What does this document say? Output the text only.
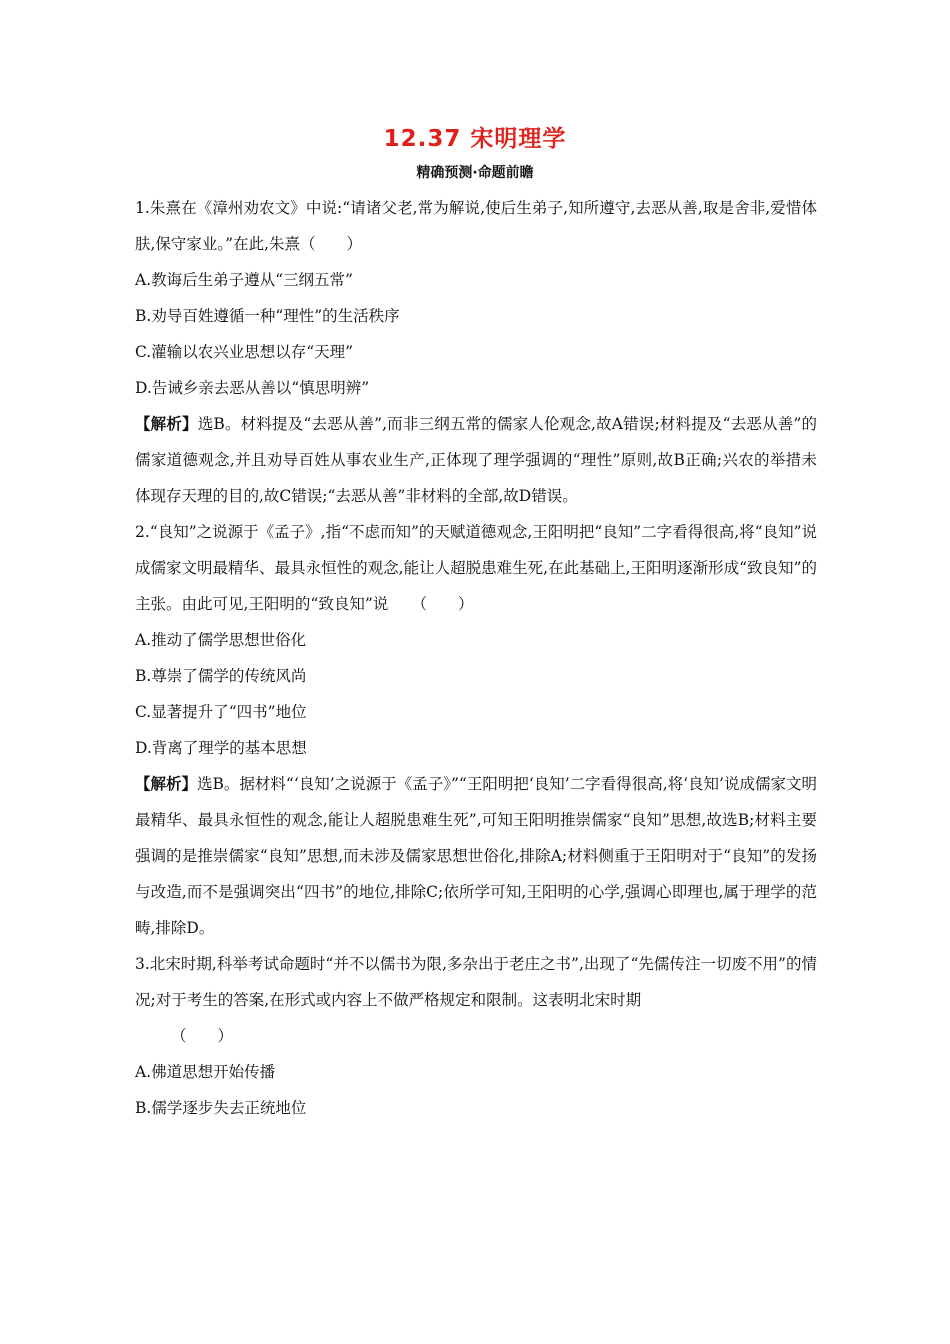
12.37 宋明理学
精确预测·命题前瞻

1.朱熹在《漳州劝农文》中说:“请诸父老,常为解说,使后生弟子,知所遵守,去恶从善,取是舍非,爱惜体肤,保守家业。”在此,朱熹（　　）

A.教诲后生弟子遵从“三纲五常”

B.劝导百姓遵循一种“理性”的生活秩序

C.灌输以农兴业思想以存“天理”

D.告诫乡亲去恶从善以“慎思明辨”

【解析】选B。材料提及“去恶从善”,而非三纲五常的儒家人伦观念,故A错误;材料提及“去恶从善”的儒家道德观念,并且劝导百姓从事农业生产,正体现了理学强调的“理性”原则,故B正确;兴农的举措未体现存天理的目的,故C错误;“去恶从善”非材料的全部,故D错误。

2.“良知”之说源于《孟子》,指“不虑而知”的天赋道德观念,王阳明把“良知”二字看得很高,将“良知”说成儒家文明最精华、最具永恒性的观念,能让人超脱患难生死,在此基础上,王阳明逐渐形成“致良知”的主张。由此可见,王阳明的“致良知”说　　（　　）

A.推动了儒学思想世俗化

B.尊崇了儒学的传统风尚

C.显著提升了“四书”地位

D.背离了理学的基本思想

【解析】选B。据材料“‘良知’之说源于《孟子》”“王阳明把‘良知’二字看得很高,将‘良知’说成儒家文明最精华、最具永恒性的观念,能让人超脱患难生死”,可知王阳明推崇儒家“良知”思想,故选B;材料主要强调的是推崇儒家“良知”思想,而未涉及儒家思想世俗化,排除A;材料侧重于王阳明对于“良知”的发扬与改造,而不是强调突出“四书”的地位,排除C;依所学可知,王阳明的心学,强调心即理也,属于理学的范畴,排除D。

3.北宋时期,科举考试命题时“并不以儒书为限,多杂出于老庄之书”,出现了“先儒传注一切废不用”的情况;对于考生的答案,在形式或内容上不做严格规定和限制。这表明北宋时期

（　　）

A.佛道思想开始传播

B.儒学逐步失去正统地位
